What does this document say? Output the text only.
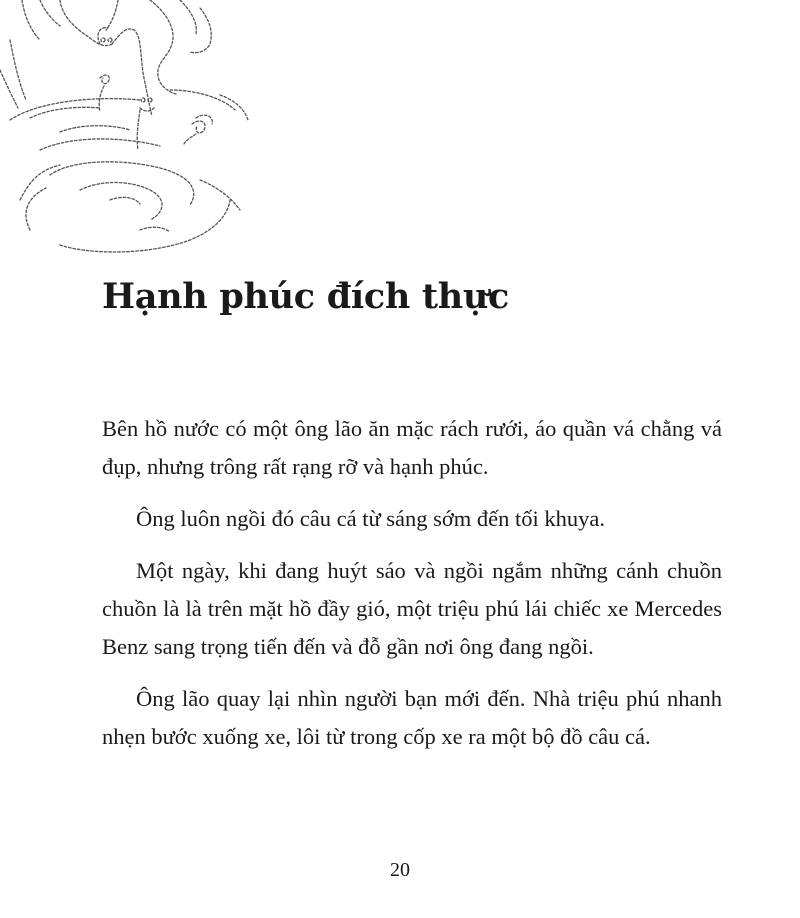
Hạnh phúc đích thực

Bên hồ nước có một ông lão ăn mặc rách rưới, áo quần vá chằng vá đụp, nhưng trông rất rạng rỡ và hạnh phúc.

Ông luôn ngồi đó câu cá từ sáng sớm đến tối khuya.

Một ngày, khi đang huýt sáo và ngồi ngắm những cánh chuồn chuồn là là trên mặt hồ đầy gió, một triệu phú lái chiếc xe Mercedes Benz sang trọng tiến đến và đỗ gần nơi ông đang ngồi.

Ông lão quay lại nhìn người bạn mới đến. Nhà triệu phú nhanh nhẹn bước xuống xe, lôi từ trong cốp xe ra một bộ đồ câu cá.

20
